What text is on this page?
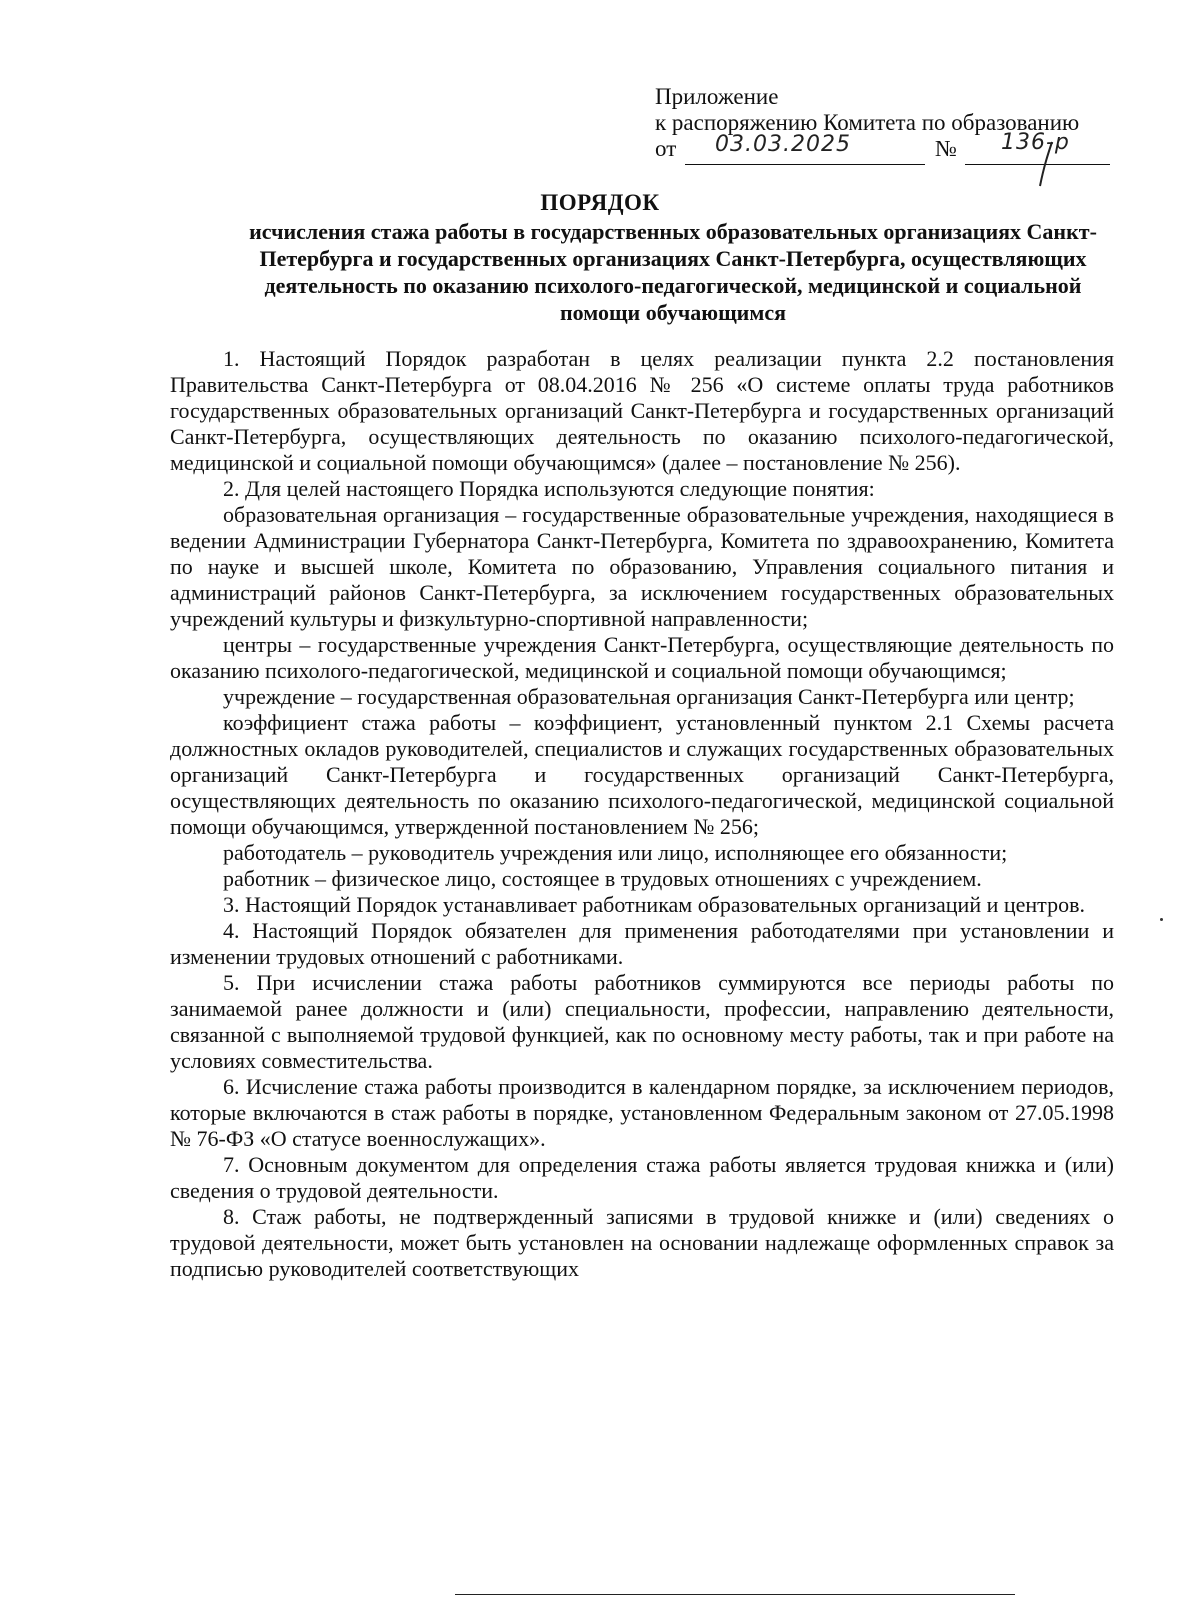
Приложение
к распоряжению Комитета по образованию
от 03.03.2025	№ 136-р
ПОРЯДОК
исчисления стажа работы в государственных образовательных организациях Санкт-Петербурга и государственных организациях Санкт-Петербурга, осуществляющих деятельность по оказанию психолого-педагогической, медицинской и социальной помощи обучающимся

1. Настоящий Порядок разработан в целях реализации пункта 2.2 постановления Правительства Санкт-Петербурга от 08.04.2016 № 256 «О системе оплаты труда работников государственных образовательных организаций Санкт-Петербурга и государственных организаций Санкт-Петербурга, осуществляющих деятельность по оказанию психолого-педагогической, медицинской и социальной помощи обучающимся» (далее – постановление № 256).

2. Для целей настоящего Порядка используются следующие понятия:

образовательная организация – государственные образовательные учреждения, находящиеся в ведении Администрации Губернатора Санкт-Петербурга, Комитета по здравоохранению, Комитета по науке и высшей школе, Комитета по образованию, Управления социального питания и администраций районов Санкт-Петербурга, за исключением государственных образовательных учреждений культуры и физкультурно-спортивной направленности;

центры – государственные учреждения Санкт-Петербурга, осуществляющие деятельность по оказанию психолого-педагогической, медицинской и социальной помощи обучающимся;

учреждение – государственная образовательная организация Санкт-Петербурга или центр;

коэффициент стажа работы – коэффициент, установленный пунктом 2.1 Схемы расчета должностных окладов руководителей, специалистов и служащих государственных образовательных организаций Санкт-Петербурга и государственных организаций Санкт-Петербурга, осуществляющих деятельность по оказанию психолого-педагогической, медицинской социальной помощи обучающимся, утвержденной постановлением № 256;

работодатель – руководитель учреждения или лицо, исполняющее его обязанности;

работник – физическое лицо, состоящее в трудовых отношениях с учреждением.

3. Настоящий Порядок устанавливает работникам образовательных организаций и центров.

4. Настоящий Порядок обязателен для применения работодателями при установлении и изменении трудовых отношений с работниками.

5. При исчислении стажа работы работников суммируются все периоды работы по занимаемой ранее должности и (или) специальности, профессии, направлению деятельности, связанной с выполняемой трудовой функцией, как по основному месту работы, так и при работе на условиях совместительства.

6. Исчисление стажа работы производится в календарном порядке, за исключением периодов, которые включаются в стаж работы в порядке, установленном Федеральным законом от 27.05.1998 № 76-ФЗ «О статусе военнослужащих».

7. Основным документом для определения стажа работы является трудовая книжка и (или) сведения о трудовой деятельности.

8. Стаж работы, не подтвержденный записями в трудовой книжке и (или) сведениях о трудовой деятельности, может быть установлен на основании надлежаще оформленных справок за подписью руководителей соответствующих
